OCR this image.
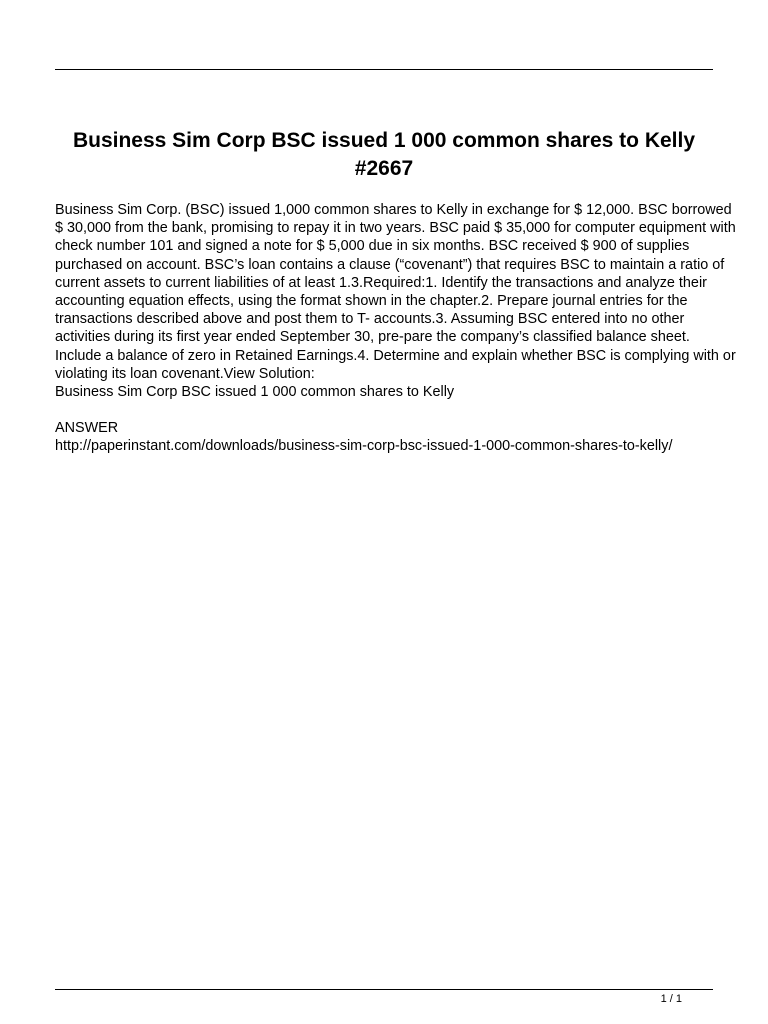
Business Sim Corp BSC issued 1 000 common shares to Kelly #2667

Business Sim Corp. (BSC) issued 1,000 common shares to Kelly in exchange for $ 12,000. BSC borrowed $ 30,000 from the bank, promising to repay it in two years. BSC paid $ 35,000 for computer equipment with check number 101 and signed a note for $ 5,000 due in six months. BSC received $ 900 of supplies purchased on account. BSC’s loan contains a clause (“covenant”) that requires BSC to maintain a ratio of current assets to current liabilities of at least 1.3.Required:1. Identify the transactions and analyze their accounting equation effects, using the format shown in the chapter.2. Prepare journal entries for the transactions described above and post them to T- accounts.3. Assuming BSC entered into no other activities during its first year ended September 30, pre-pare the company’s classified balance sheet. Include a balance of zero in Retained Earnings.4. Determine and explain whether BSC is complying with or violating its loan covenant.View Solution:

Business Sim Corp BSC issued 1 000 common shares to Kelly

ANSWER

http://paperinstant.com/downloads/business-sim-corp-bsc-issued-1-000-common-shares-to-kelly/

1 / 1
